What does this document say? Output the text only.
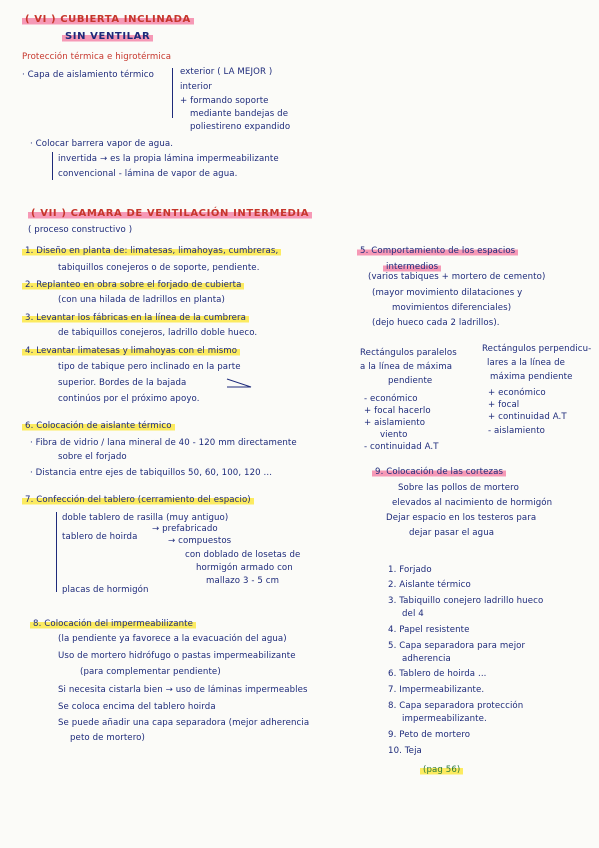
( VI ) CUBIERTA INCLINADA
SIN VENTILAR
Protección térmica e higrotérmica
· Capa de aislamiento térmico	exterior ( LA MEJOR )
interior
+ formando soporte
mediante bandejas de
poliestireno expandido
· Colocar barrera vapor de agua.
invertida → es la propia lámina impermeabilizante
convencional - lámina de vapor de agua.
( VII ) CAMARA DE VENTILACIÓN INTERMEDIA
( proceso constructivo )
1. Diseño en planta de: limatesas, limahoyas, cumbreras,
tabiquillos conejeros o de soporte, pendiente.
2. Replanteo en obra sobre el forjado de cubierta
(con una hilada de ladrillos en planta)
3. Levantar los fábricas en la línea de la cumbrera
de tabiquillos conejeros, ladrillo doble hueco.
4. Levantar limatesas y limahoyas con el mismo
tipo de tabique pero inclinado en la parte
superior. Bordes de la bajada
continúos por el próximo apoyo.
6. Colocación de aislante térmico
· Fibra de vidrio / lana mineral de 40 - 120 mm directamente
sobre el forjado
· Distancia entre ejes de tabiquillos 50, 60, 100, 120 ...
7. Confección del tablero (cerramiento del espacio)
doble tablero de rasilla (muy antiguo)
tablero de hoirda
→ prefabricado
→ compuestos
con doblado de losetas de
hormigón armado con
mallazo 3 - 5 cm
placas de hormigón
8. Colocación del impermeabilizante
(la pendiente ya favorece a la evacuación del agua)
Uso de mortero hidrófugo o pastas impermeabilizante
(para complementar pendiente)
Si necesita cistarla bien → uso de láminas impermeables
Se coloca encima del tablero hoirda
Se puede añadir una capa separadora (mejor adherencia
peto de mortero)
5. Comportamiento de los espacios
intermedios
(varios tabiques + mortero de cemento)
(mayor movimiento dilataciones y
movimientos diferenciales)
(dejo hueco cada 2 ladrillos).
Rectángulos paralelos
a la línea de máxima
pendiente
- económico
+ focal hacerlo
+ aislamiento
viento
- continuidad A.T
Rectángulos perpendicu-
lares a la línea de
máxima pendiente
+ económico
+ focal
+ continuidad A.T
- aislamiento
9. Colocación de las cortezas
Sobre las pollos de mortero
elevados al nacimiento de hormigón
Dejar espacio en los testeros para
dejar pasar el agua
1. Forjado
2. Aislante térmico
3. Tabiquillo conejero ladrillo hueco
del 4
4. Papel resistente
5. Capa separadora para mejor
adherencia
6. Tablero de hoirda ...
7. Impermeabilizante.
8. Capa separadora protección
impermeabilizante.
9. Peto de mortero
10. Teja
(pag 56)
